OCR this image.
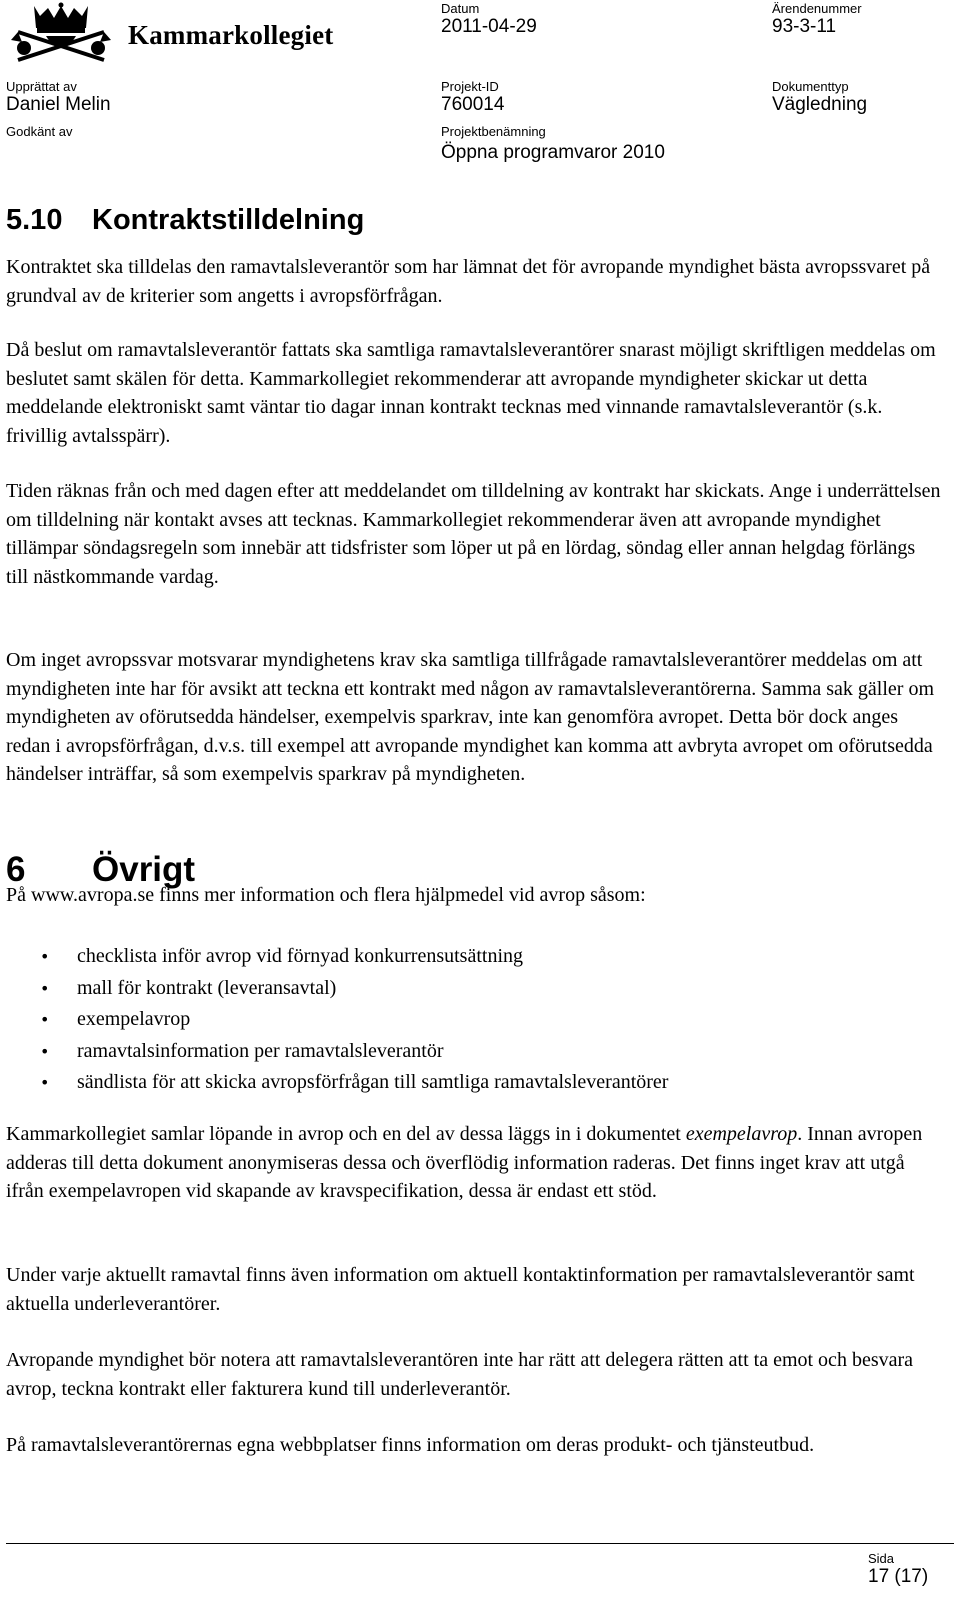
Kammarkollegiet
Datum
2011-04-29
Ärendenummer
93-3-11
Upprättat av
Daniel Melin
Projekt-ID
760014
Dokumenttyp
Vägledning
Godkänt av	Projektbenämning
Öppna programvaror 2010
5.10 Kontraktstilldelning

Kontraktet ska tilldelas den ramavtalsleverantör som har lämnat det för avropande myndighet bästa avropssvaret på grundval av de kriterier som angetts i avropsförfrågan.

Då beslut om ramavtalsleverantör fattats ska samtliga ramavtalsleverantörer snarast möjligt skriftligen meddelas om beslutet samt skälen för detta. Kammarkollegiet rekommenderar att avropande myndigheter skickar ut detta meddelande elektroniskt samt väntar tio dagar innan kontrakt tecknas med vinnande ramavtalsleverantör (s.k. frivillig avtalsspärr).

Tiden räknas från och med dagen efter att meddelandet om tilldelning av kontrakt har skickats. Ange i underrättelsen om tilldelning när kontakt avses att tecknas. Kammarkollegiet rekommenderar även att avropande myndighet tillämpar söndagsregeln som innebär att tidsfrister som löper ut på en lördag, söndag eller annan helgdag förlängs till nästkommande vardag.

Om inget avropssvar motsvarar myndighetens krav ska samtliga tillfrågade ramavtalsleverantörer meddelas om att myndigheten inte har för avsikt att teckna ett kontrakt med någon av ramavtalsleverantörerna. Samma sak gäller om myndigheten av oförutsedda händelser, exempelvis sparkrav, inte kan genomföra avropet. Detta bör dock anges redan i avropsförfrågan, d.v.s. till exempel att avropande myndighet kan komma att avbryta avropet om oförutsedda händelser inträffar, så som exempelvis sparkrav på myndigheten.

6 Övrigt

På www.avropa.se finns mer information och flera hjälpmedel vid avrop såsom:

• checklista inför avrop vid förnyad konkurrensutsättning
• mall för kontrakt (leveransavtal)
• exempelavrop
• ramavtalsinformation per ramavtalsleverantör
• sändlista för att skicka avropsförfrågan till samtliga ramavtalsleverantörer

Kammarkollegiet samlar löpande in avrop och en del av dessa läggs in i dokumentet exempelavrop. Innan avropen adderas till detta dokument anonymiseras dessa och överflödig information raderas. Det finns inget krav att utgå ifrån exempelavropen vid skapande av kravspecifikation, dessa är endast ett stöd.

Under varje aktuellt ramavtal finns även information om aktuell kontaktinformation per ramavtalsleverantör samt aktuella underleverantörer.

Avropande myndighet bör notera att ramavtalsleverantören inte har rätt att delegera rätten att ta emot och besvara avrop, teckna kontrakt eller fakturera kund till underleverantör.

På ramavtalsleverantörernas egna webbplatser finns information om deras produkt- och tjänsteutbud.

Sida
17 (17)
